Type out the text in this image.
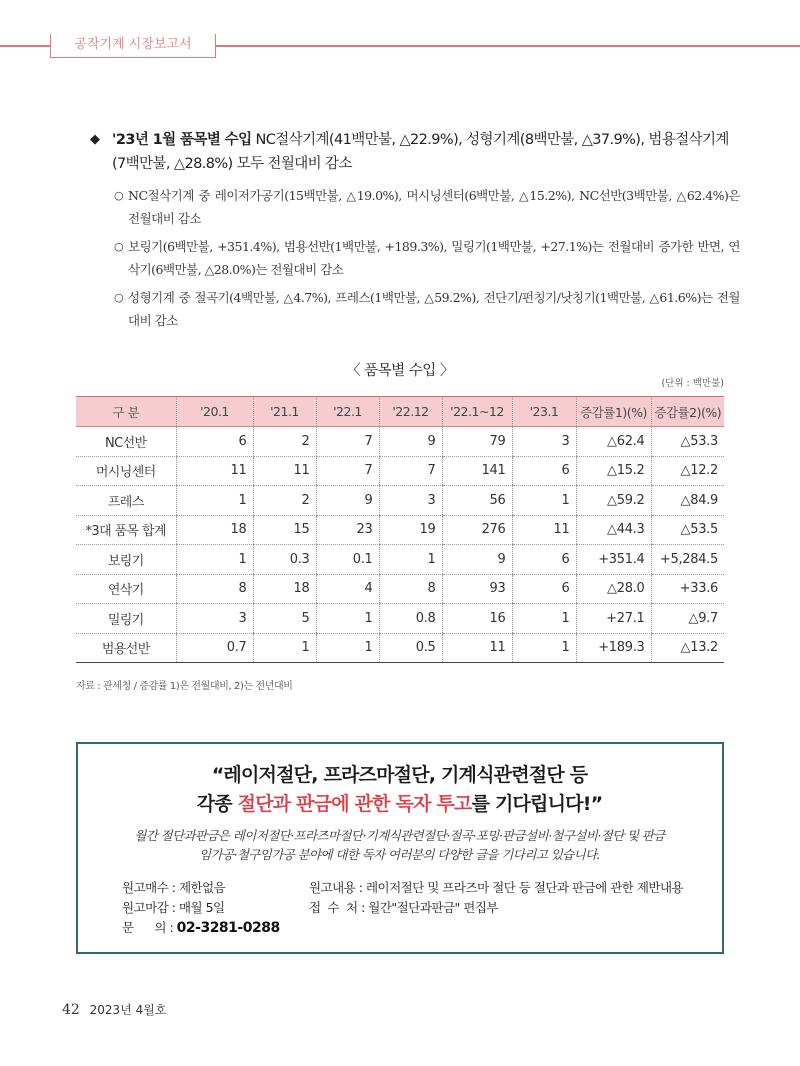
공작기계 시장보고서
◆ '23년 1월 품목별 수입 NC절삭기계(41백만불, △22.9%), 성형기계(8백만불, △37.9%), 범용절삭기계(7백만불, △28.8%) 모두 전월대비 감소
○ NC절삭기계 중 레이저가공기(15백만불, △19.0%), 머시닝센터(6백만불, △15.2%), NC선반(3백만불, △62.4%)은 전월대비 감소
○ 보링기(6백만불, +351.4%), 범용선반(1백만불, +189.3%), 밀링기(1백만불, +27.1%)는 전월대비 증가한 반면, 연삭기(6백만불, △28.0%)는 전월대비 감소
○ 성형기계 중 절곡기(4백만불, △4.7%), 프레스(1백만불, △59.2%), 전단기/펀칭기/낫칭기(1백만불, △61.6%)는 전월대비 감소
〈 품목별 수입 〉
(단위 : 백만불)
구 분	'20.1	'21.1	'22.1	'22.12	'22.1~12	'23.1	증감률1)(%)	증감률2)(%)
NC선반	6	2	7	9	79	3	△62.4	△53.3
머시닝센터	11	11	7	7	141	6	△15.2	△12.2
프레스	1	2	9	3	56	1	△59.2	△84.9
*3대 품목 합계	18	15	23	19	276	11	△44.3	△53.5
보링기	1	0.3	0.1	1	9	6	+351.4	+5,284.5
연삭기	8	18	4	8	93	6	△28.0	+33.6
밀링기	3	5	1	0.8	16	1	+27.1	△9.7
범용선반	0.7	1	1	0.5	11	1	+189.3	△13.2
자료 : 관세청 / 증감률 1)은 전월대비, 2)는 전년대비
“레이저절단, 프라즈마절단, 기계식관련절단 등
각종 절단과 판금에 관한 독자 투고를 기다립니다!”
월간 절단과판금은 레이저절단·프라즈마절단·기계식관련절단·절곡·포밍·판금설비·철구설비·절단 및 판금
임가공·철구임가공 분야에 대한 독자 여러분의 다양한 글을 기다리고 있습니다.
원고매수 : 제한없음
원고마감 : 매월 5일
문      의 : 02-3281-0288
원고내용 : 레이저절단 및 프라즈마 절단 등 절단과 판금에 관한 제반내용
접  수  처 : 월간"절단과판금" 편집부
42 2023년 4월호
